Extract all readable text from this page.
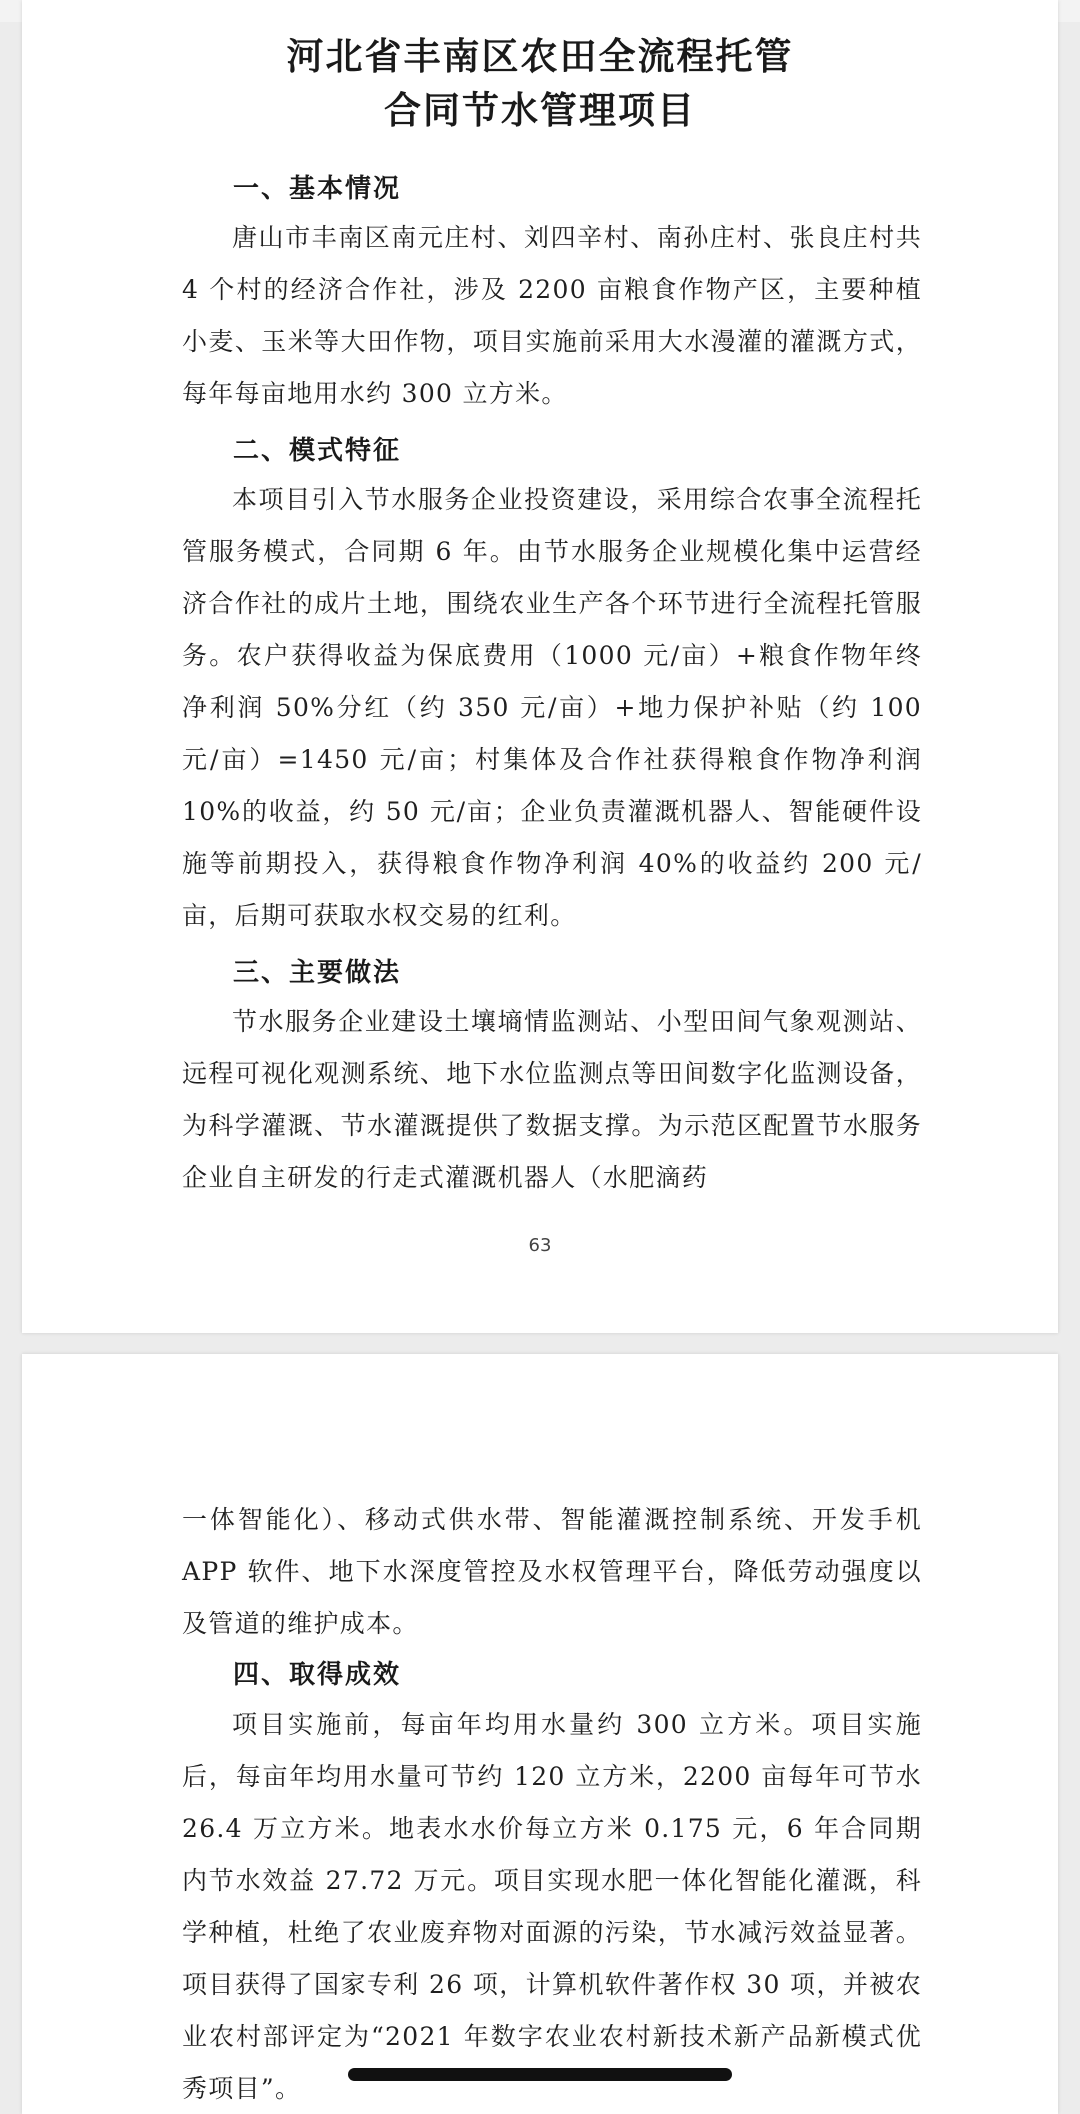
河北省丰南区农田全流程托管
合同节水管理项目
一、基本情况

唐山市丰南区南元庄村、刘四辛村、南孙庄村、张良庄村共 4 个村的经济合作社，涉及 2200 亩粮食作物产区，主要种植小麦、玉米等大田作物，项目实施前采用大水漫灌的灌溉方式，每年每亩地用水约 300 立方米。

二、模式特征

本项目引入节水服务企业投资建设，采用综合农事全流程托管服务模式，合同期 6 年。由节水服务企业规模化集中运营经济合作社的成片土地，围绕农业生产各个环节进行全流程托管服务。农户获得收益为保底费用（1000 元/亩）+粮食作物年终净利润 50%分红（约 350 元/亩）+地力保护补贴（约 100 元/亩）=1450 元/亩；村集体及合作社获得粮食作物净利润 10%的收益，约 50 元/亩；企业负责灌溉机器人、智能硬件设施等前期投入，获得粮食作物净利润 40%的收益约 200 元/亩，后期可获取水权交易的红利。

三、主要做法

节水服务企业建设土壤墒情监测站、小型田间气象观测站、远程可视化观测系统、地下水位监测点等田间数字化监测设备，为科学灌溉、节水灌溉提供了数据支撑。为示范区配置节水服务企业自主研发的行走式灌溉机器人（水肥滴药

63

一体智能化）、移动式供水带、智能灌溉控制系统、开发手机 APP 软件、地下水深度管控及水权管理平台，降低劳动强度以及管道的维护成本。

四、取得成效

项目实施前，每亩年均用水量约 300 立方米。项目实施后，每亩年均用水量可节约 120 立方米，2200 亩每年可节水 26.4 万立方米。地表水水价每立方米 0.175 元，6 年合同期内节水效益 27.72 万元。项目实现水肥一体化智能化灌溉，科学种植，杜绝了农业废弃物对面源的污染，节水减污效益显著。项目获得了国家专利 26 项，计算机软件著作权 30 项，并被农业农村部评定为“2021 年数字农业农村新技术新产品新模式优秀项目”。
